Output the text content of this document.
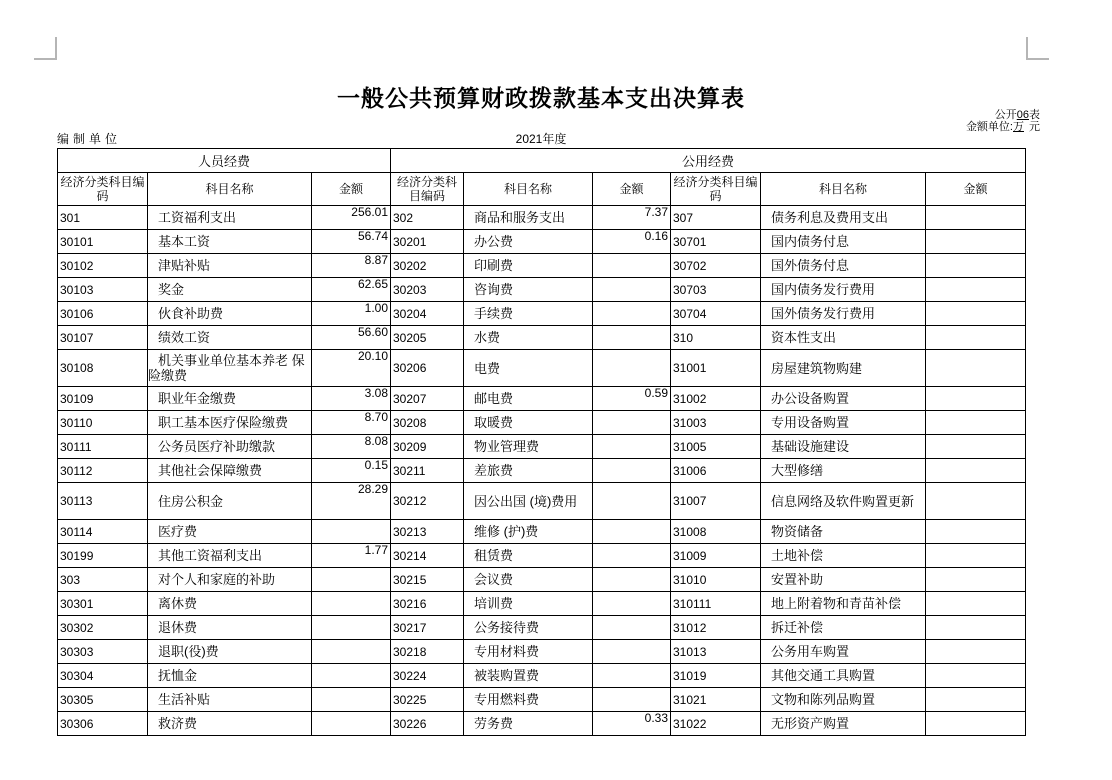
一般公共预算财政拨款基本支出决算表
公开06表
金额单位:万 元
编制单位	2021年度
人员经费			公用经费					
经济分类科目编码	科目名称	金额	经济分类科目编码	科目名称	金额	经济分类科目编码	科目名称	金额
301	工资福利支出	256.01	302	商品和服务支出	7.37	307	债务利息及费用支出	
30101	基本工资	56.74	30201	办公费	0.16	30701	国内债务付息	
30102	津贴补贴	8.87	30202	印刷费		30702	国外债务付息	
30103	奖金	62.65	30203	咨询费		30703	国内债务发行费用	
30106	伙食补助费	1.00	30204	手续费		30704	国外债务发行费用	
30107	绩效工资	56.60	30205	水费		310	资本性支出	
30108	机关事业单位基本养老 保险缴费	20.10	30206	电费		31001	房屋建筑物购建	
30109	职业年金缴费	3.08	30207	邮电费	0.59	31002	办公设备购置	
30110	职工基本医疗保险缴费	8.70	30208	取暖费		31003	专用设备购置	
30111	公务员医疗补助缴款	8.08	30209	物业管理费		31005	基础设施建设	
30112	其他社会保障缴费	0.15	30211	差旅费		31006	大型修缮	
30113	住房公积金	28.29	30212	因公出国 (境)费用		31007	信息网络及软件购置更新	
30114	医疗费		30213	维修 (护)费		31008	物资储备	
30199	其他工资福利支出	1.77	30214	租赁费		31009	土地补偿	
303	对个人和家庭的补助		30215	会议费		31010	安置补助	
30301	离休费		30216	培训费		310111	地上附着物和青苗补偿	
30302	退休费		30217	公务接待费		31012	拆迁补偿	
30303	退职(役)费		30218	专用材料费		31013	公务用车购置	
30304	抚恤金		30224	被装购置费		31019	其他交通工具购置	
30305	生活补贴		30225	专用燃料费		31021	文物和陈列品购置	
30306	救济费		30226	劳务费	0.33	31022	无形资产购置	
